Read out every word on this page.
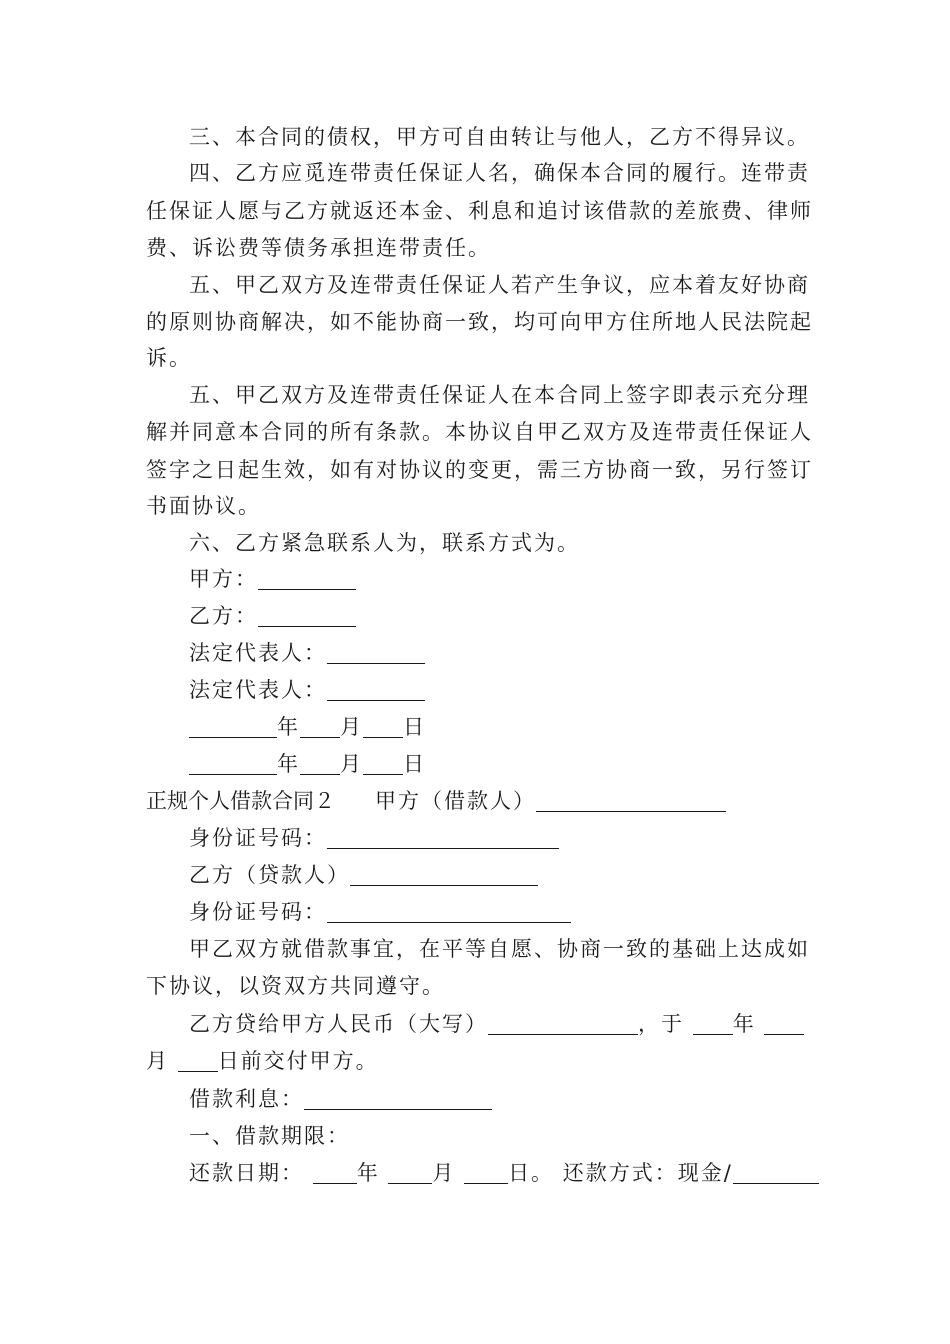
三、本合同的债权，甲方可自由转让与他人，乙方不得异议。
四、乙方应觅连带责任保证人名，确保本合同的履行。连带责
任保证人愿与乙方就返还本金、利息和追讨该借款的差旅费、律师
费、诉讼费等债务承担连带责任。
五、甲乙双方及连带责任保证人若产生争议，应本着友好协商
的原则协商解决，如不能协商一致，均可向甲方住所地人民法院起
诉。
五、甲乙双方及连带责任保证人在本合同上签字即表示充分理
解并同意本合同的所有条款。本协议自甲乙双方及连带责任保证人
签字之日起生效，如有对协议的变更，需三方协商一致，另行签订
书面协议。
六、乙方紧急联系人为，联系方式为。
甲方：
乙方：
法定代表人：
法定代表人：
年 月 日
年 月 日
正规个人借款合同２ 甲方（借款人）
身份证号码：
乙方（贷款人）
身份证号码：
甲乙双方就借款事宜，在平等自愿、协商一致的基础上达成如
下协议，以资双方共同遵守。
乙方贷给甲方人民币（大写）	，于 年
月 日前交付甲方。
借款利息：
一、借款期限：
还款日期：	年	月	日。 还款方式：现金/
